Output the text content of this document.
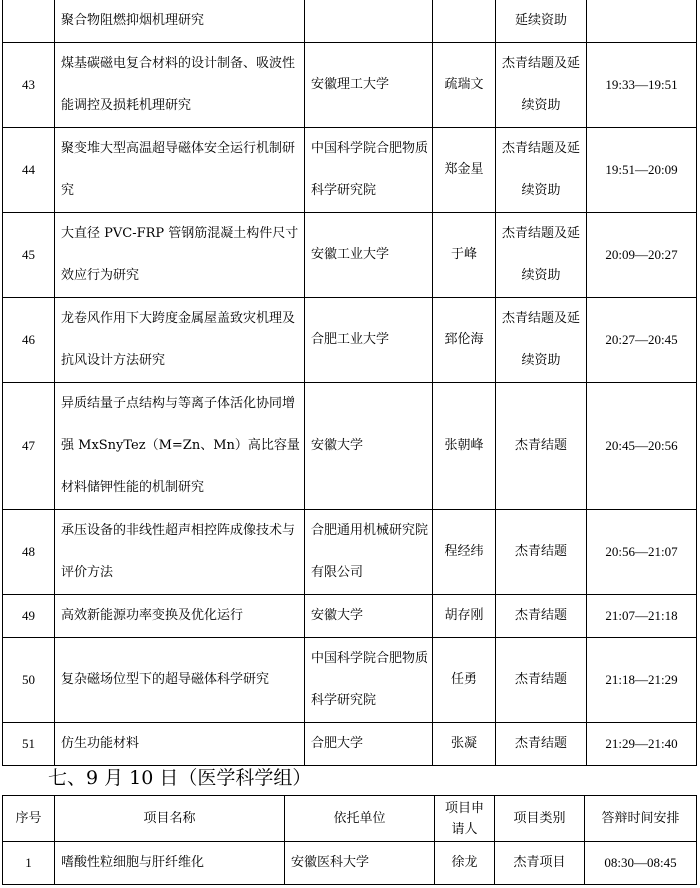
	聚合物阻燃抑烟机理研究			延续资助	

43	煤基碳磁电复合材料的设计制备、吸波性能调控及损耗机理研究	安徽理工大学	疏瑞文	杰青结题及延续资助	19:33—19:51

44	聚变堆大型高温超导磁体安全运行机制研究	中国科学院合肥物质科学研究院	郑金星	杰青结题及延续资助	19:51—20:09

45	大直径 PVC-FRP 管钢筋混凝土构件尺寸效应行为研究	安徽工业大学	于峰	杰青结题及延续资助	20:09—20:27

46	龙卷风作用下大跨度金属屋盖致灾机理及抗风设计方法研究	合肥工业大学	郅伦海	杰青结题及延续资助	20:27—20:45

47	异质结量子点结构与等离子体活化协同增强 MxSnyTez（M=Zn、Mn）高比容量材料储钾性能的机制研究	安徽大学	张朝峰	杰青结题	20:45—20:56

48	承压设备的非线性超声相控阵成像技术与评价方法	合肥通用机械研究院有限公司	程经纬	杰青结题	20:56—21:07

49	高效新能源功率变换及优化运行	安徽大学	胡存刚	杰青结题	21:07—21:18

50	复杂磁场位型下的超导磁体科学研究	中国科学院合肥物质科学研究院	任勇	杰青结题	21:18—21:29

51	仿生功能材料	合肥大学	张凝	杰青结题	21:29—21:40
七、9 月 10 日（医学科学组）
序号	项目名称	依托单位	项目申请人	项目类别	答辩时间安排
1	嗜酸性粒细胞与肝纤维化	安徽医科大学	徐龙	杰青项目	08:30—08:45
